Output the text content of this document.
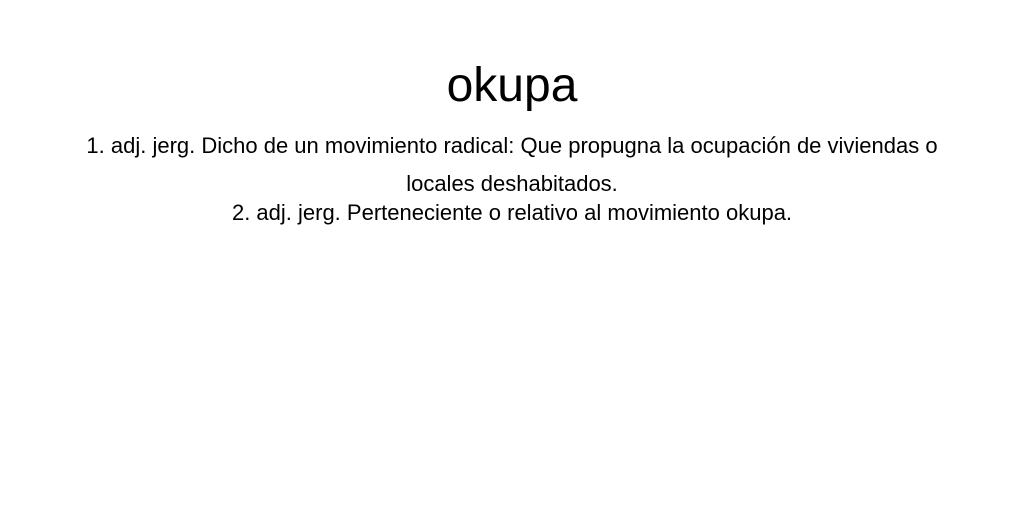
okupa
1. adj. jerg. Dicho de un movimiento radical: Que propugna la ocupación de viviendas o locales deshabitados.
2. adj. jerg. Perteneciente o relativo al movimiento okupa.
